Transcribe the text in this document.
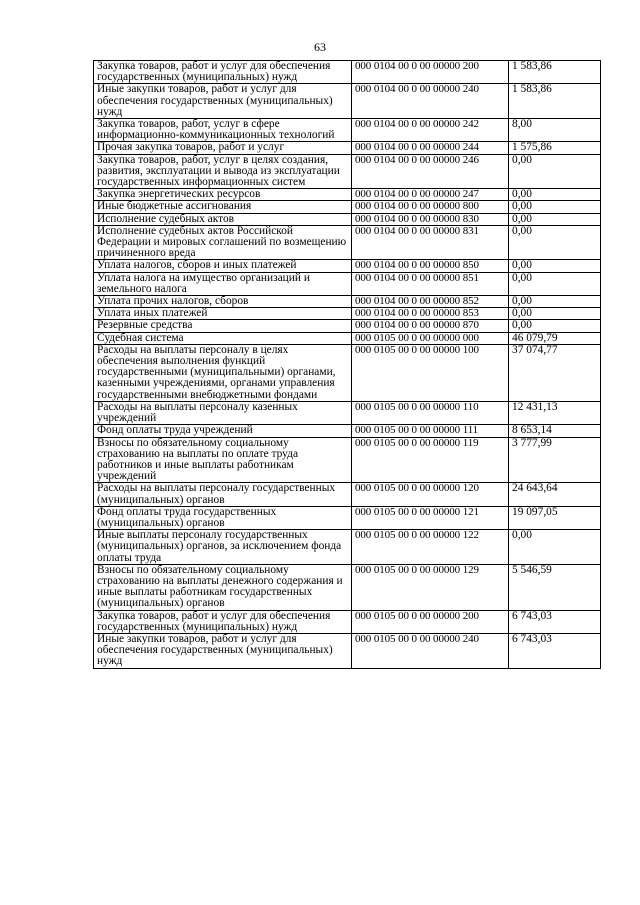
63
Закупка товаров, работ и услуг для обеспечения государственных (муниципальных) нужд	000 0104 00 0 00 00000 200	1 583,86
Иные закупки товаров, работ и услуг для обеспечения государственных (муниципальных) нужд	000 0104 00 0 00 00000 240	1 583,86
Закупка товаров, работ, услуг в сфере информационно-коммуникационных технологий	000 0104 00 0 00 00000 242	8,00
Прочая закупка товаров, работ и услуг	000 0104 00 0 00 00000 244	1 575,86
Закупка товаров, работ, услуг в целях создания, развития, эксплуатации и вывода из эксплуатации государственных информационных систем	000 0104 00 0 00 00000 246	0,00
Закупка энергетических ресурсов	000 0104 00 0 00 00000 247	0,00
Иные бюджетные ассигнования	000 0104 00 0 00 00000 800	0,00
Исполнение судебных актов	000 0104 00 0 00 00000 830	0,00
Исполнение судебных актов Российской Федерации и мировых соглашений по возмещению причиненного вреда	000 0104 00 0 00 00000 831	0,00
Уплата налогов, сборов и иных платежей	000 0104 00 0 00 00000 850	0,00
Уплата налога на имущество организаций и земельного налога	000 0104 00 0 00 00000 851	0,00
Уплата прочих налогов, сборов	000 0104 00 0 00 00000 852	0,00
Уплата иных платежей	000 0104 00 0 00 00000 853	0,00
Резервные средства	000 0104 00 0 00 00000 870	0,00
Судебная система	000 0105 00 0 00 00000 000	46 079,79
Расходы на выплаты персоналу в целях обеспечения выполнения функций государственными (муниципальными) органами, казенными учреждениями, органами управления государственными внебюджетными фондами	000 0105 00 0 00 00000 100	37 074,77
Расходы на выплаты персоналу казенных учреждений	000 0105 00 0 00 00000 110	12 431,13
Фонд оплаты труда учреждений	000 0105 00 0 00 00000 111	8 653,14
Взносы по обязательному социальному страхованию на выплаты по оплате труда работников и иные выплаты работникам учреждений	000 0105 00 0 00 00000 119	3 777,99
Расходы на выплаты персоналу государственных (муниципальных) органов	000 0105 00 0 00 00000 120	24 643,64
Фонд оплаты труда государственных (муниципальных) органов	000 0105 00 0 00 00000 121	19 097,05
Иные выплаты персоналу государственных (муниципальных) органов, за исключением фонда оплаты труда	000 0105 00 0 00 00000 122	0,00
Взносы по обязательному социальному страхованию на выплаты денежного содержания и иные выплаты работникам государственных (муниципальных) органов	000 0105 00 0 00 00000 129	5 546,59
Закупка товаров, работ и услуг для обеспечения государственных (муниципальных) нужд	000 0105 00 0 00 00000 200	6 743,03
Иные закупки товаров, работ и услуг для обеспечения государственных (муниципальных) нужд	000 0105 00 0 00 00000 240	6 743,03
